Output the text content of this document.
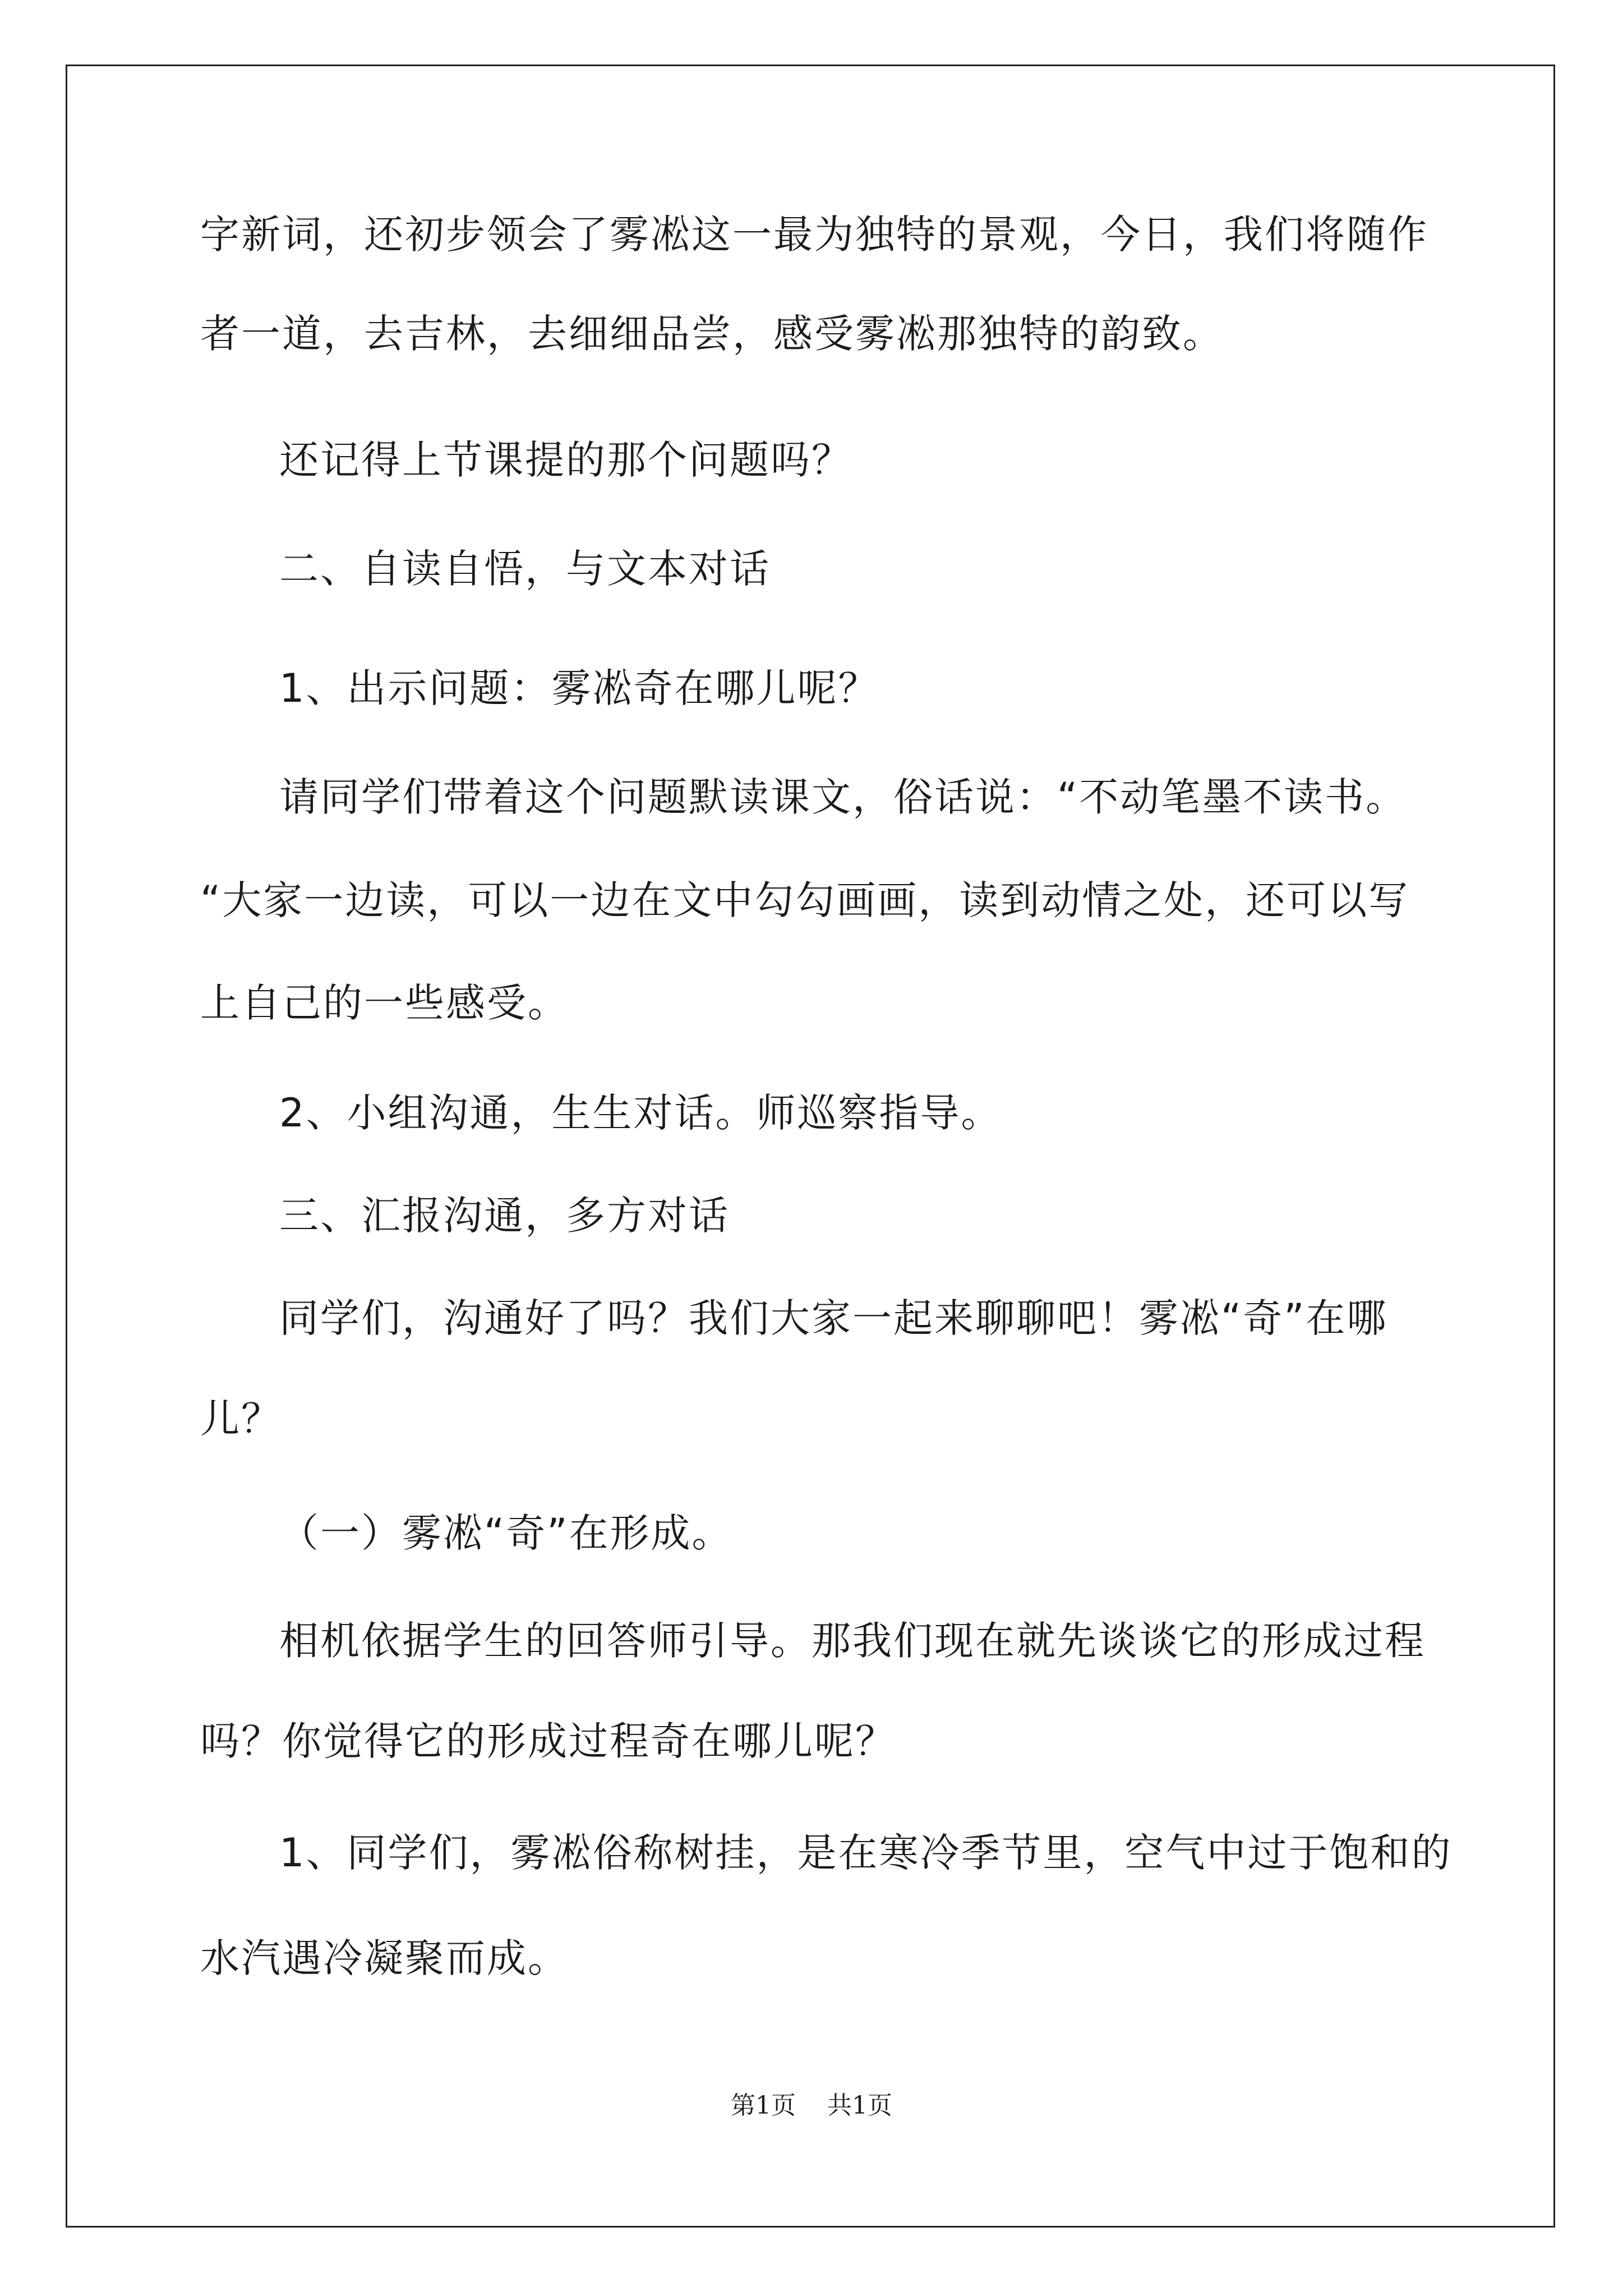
字新词，还初步领会了雾凇这一最为独特的景观，今日，我们将随作
者一道，去吉林，去细细品尝，感受雾凇那独特的韵致。
还记得上节课提的那个问题吗？
二、自读自悟，与文本对话
1、出示问题：雾凇奇在哪儿呢？
请同学们带着这个问题默读课文，俗话说：“不动笔墨不读书。
“大家一边读，可以一边在文中勾勾画画，读到动情之处，还可以写
上自己的一些感受。
2、小组沟通，生生对话。师巡察指导。
三、汇报沟通，多方对话
同学们，沟通好了吗？我们大家一起来聊聊吧！雾凇“奇”在哪
儿？
（一）雾凇“奇”在形成。
相机依据学生的回答师引导。那我们现在就先谈谈它的形成过程
吗？你觉得它的形成过程奇在哪儿呢？
1、同学们，雾凇俗称树挂，是在寒冷季节里，空气中过于饱和的
水汽遇冷凝聚而成。
第1页 共1页
